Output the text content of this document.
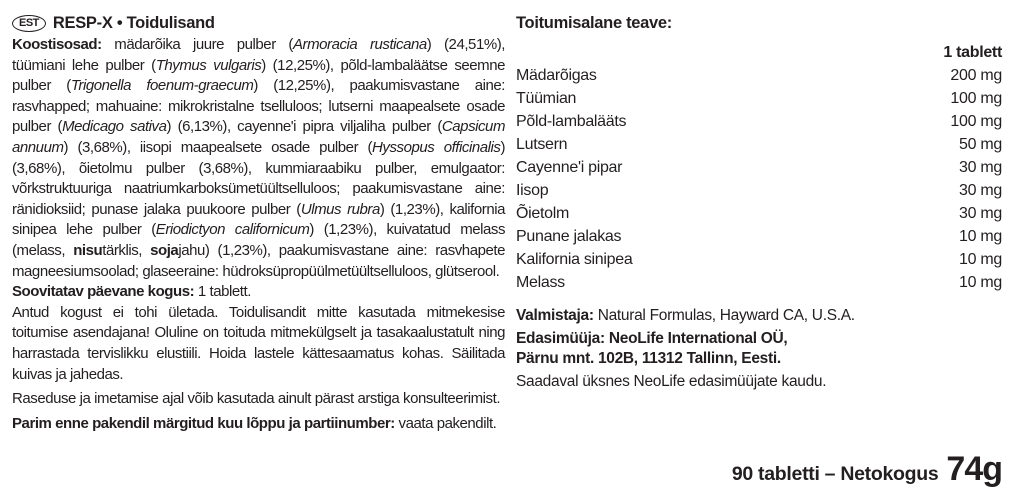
EST RESP-X • Toidulisand

Koostisosad: mädarõika juure pulber (Armoracia rusticana) (24,51%), tüümiani lehe pulber (Thymus vulgaris) (12,25%), põld-lambaläätse seemne pulber (Trigonella foenum-graecum) (12,25%), paakumisvastane aine: rasvhapped; mahuaine: mikrokristalne tselluloos; lutserni maapealsete osade pulber (Medicago sativa) (6,13%), cayenne'i pipra viljaliha pulber (Capsicum annuum) (3,68%), iisopi maapealsete osade pulber (Hyssopus officinalis) (3,68%), õietolmu pulber (3,68%), kummiaraabiku pulber, emulgaator: võrkstruktuuriga naatriumkarboksümetüültselluloos; paakumisvastane aine: ränidioksiid; punase jalaka puukoore pulber (Ulmus rubra) (1,23%), kalifornia sinipea lehe pulber (Eriodictyon californicum) (1,23%), kuivatatud melass (melass, nisutärklis, sojajahu) (1,23%), paakumisvastane aine: rasvhapete magneesiumsoolad; glaseeraine: hüdroksüpropüülmetüültselluloos, glütserool.

Soovitatav päevane kogus: 1 tablett.

Antud kogust ei tohi ületada. Toidulisandit mitte kasutada mitmekesise toitumise asendajana! Oluline on toituda mitmekülgselt ja tasakaalustatult ning harrastada tervislikku elustiili. Hoida lastele kättesaamatus kohas. Säilitada kuivas ja jahedas.

Raseduse ja imetamise ajal võib kasutada ainult pärast arstiga konsulteerimist.

Parim enne pakendil märgitud kuu lõppu ja partiinumber: vaata pakendilt.

Toitumisalane teave:
1 tablett
Mädarõigas	200 mg
Tüümian	100 mg
Põld-lambalääts	100 mg
Lutsern	50 mg
Cayenne'i pipar	30 mg
Iisop	30 mg
Õietolm	30 mg
Punane jalakas	10 mg
Kalifornia sinipea	10 mg
Melass	10 mg
Valmistaja: Natural Formulas, Hayward CA, U.S.A.
Edasimüüja: NeoLife International OÜ,
Pärnu mnt. 102B, 11312 Tallinn, Eesti.
Saadaval üksnes NeoLife edasimüüjate kaudu.
90 tabletti – Netokogus 74g
